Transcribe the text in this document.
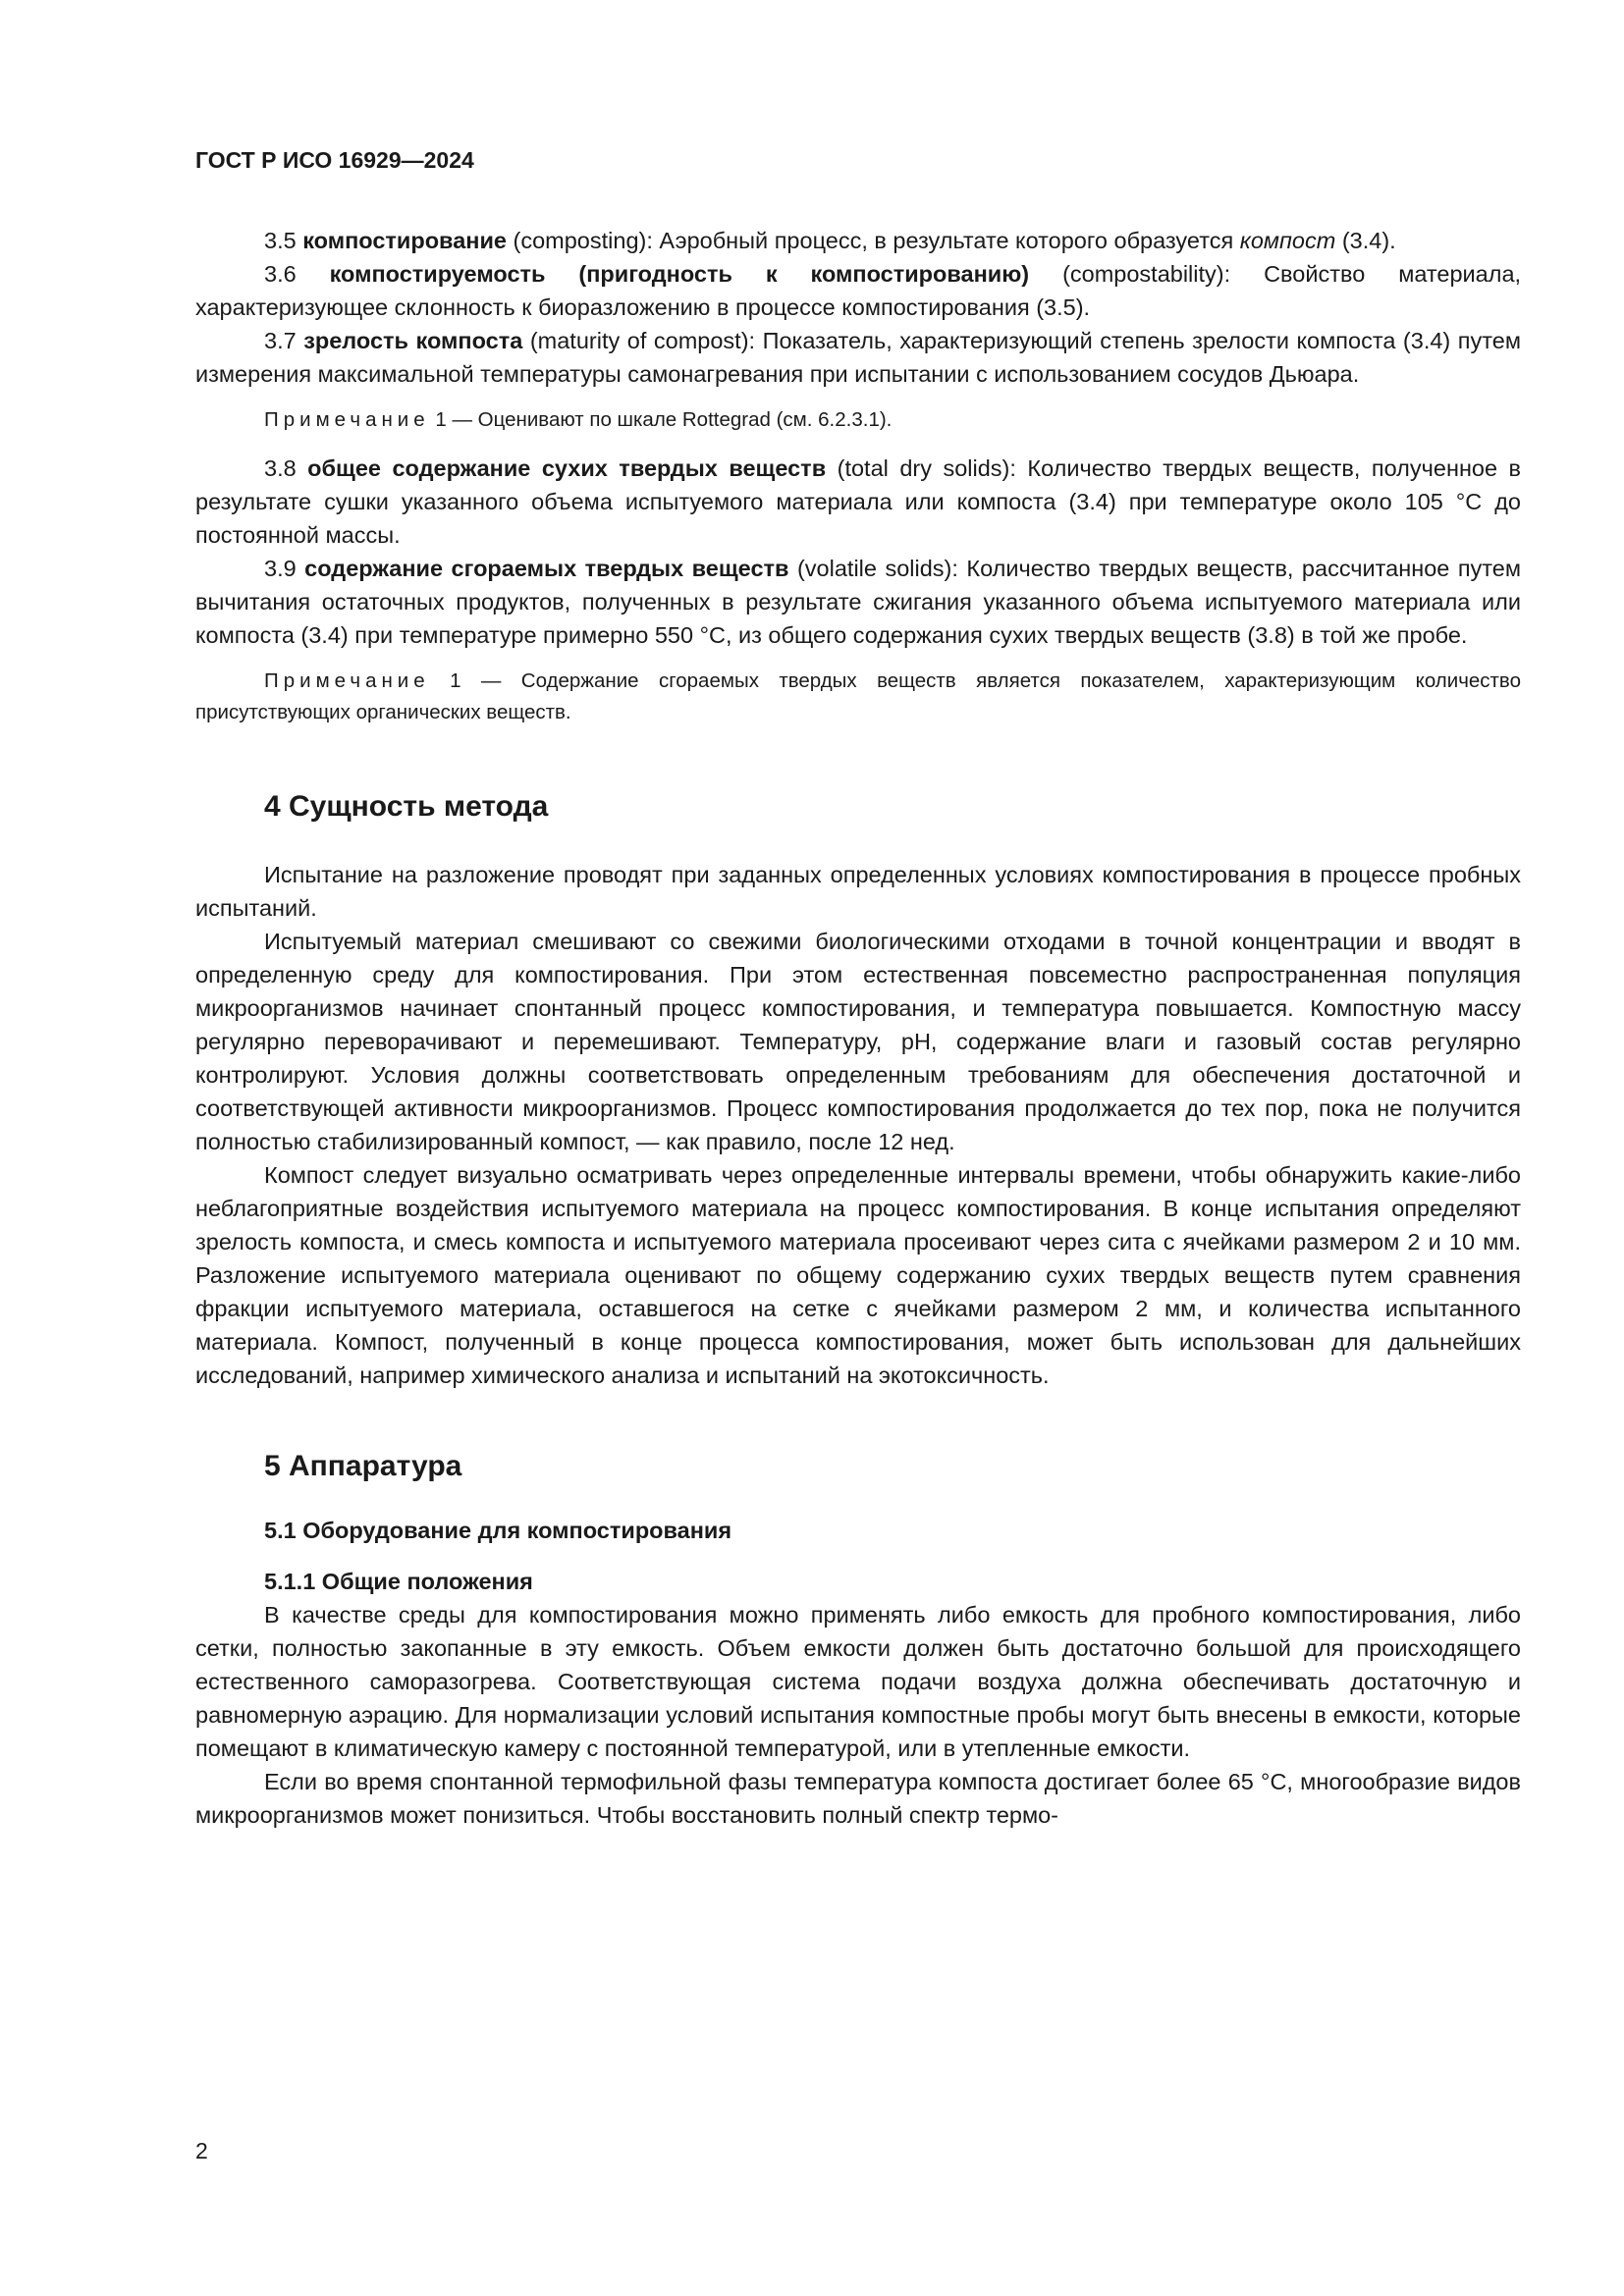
ГОСТ Р ИСО 16929—2024

3.5 компостирование (composting): Аэробный процесс, в результате которого образуется компост (3.4).

3.6 компостируемость (пригодность к компостированию) (compostability): Свойство материала, характеризующее склонность к биоразложению в процессе компостирования (3.5).

3.7 зрелость компоста (maturity of compost): Показатель, характеризующий степень зрелости компоста (3.4) путем измерения максимальной температуры самонагревания при испытании с использованием сосудов Дьюара.

Примечание 1 — Оценивают по шкале Rottegrad (см. 6.2.3.1).

3.8 общее содержание сухих твердых веществ (total dry solids): Количество твердых веществ, полученное в результате сушки указанного объема испытуемого материала или компоста (3.4) при температуре около 105 °С до постоянной массы.

3.9 содержание сгораемых твердых веществ (volatile solids): Количество твердых веществ, рассчитанное путем вычитания остаточных продуктов, полученных в результате сжигания указанного объема испытуемого материала или компоста (3.4) при температуре примерно 550 °С, из общего содержания сухих твердых веществ (3.8) в той же пробе.

Примечание 1 — Содержание сгораемых твердых веществ является показателем, характеризующим количество присутствующих органических веществ.
4 Сущность метода

Испытание на разложение проводят при заданных определенных условиях компостирования в процессе пробных испытаний.

Испытуемый материал смешивают со свежими биологическими отходами в точной концентрации и вводят в определенную среду для компостирования. При этом естественная повсеместно распространенная популяция микроорганизмов начинает спонтанный процесс компостирования, и температура повышается. Компостную массу регулярно переворачивают и перемешивают. Температуру, pH, содержание влаги и газовый состав регулярно контролируют. Условия должны соответствовать определенным требованиям для обеспечения достаточной и соответствующей активности микроорганизмов. Процесс компостирования продолжается до тех пор, пока не получится полностью стабилизированный компост, — как правило, после 12 нед.

Компост следует визуально осматривать через определенные интервалы времени, чтобы обнаружить какие-либо неблагоприятные воздействия испытуемого материала на процесс компостирования. В конце испытания определяют зрелость компоста, и смесь компоста и испытуемого материала просеивают через сита с ячейками размером 2 и 10 мм. Разложение испытуемого материала оценивают по общему содержанию сухих твердых веществ путем сравнения фракции испытуемого материала, оставшегося на сетке с ячейками размером 2 мм, и количества испытанного материала. Компост, полученный в конце процесса компостирования, может быть использован для дальнейших исследований, например химического анализа и испытаний на экотоксичность.

5 Аппаратура
5.1 Оборудование для компостирования
5.1.1 Общие положения

В качестве среды для компостирования можно применять либо емкость для пробного компостирования, либо сетки, полностью закопанные в эту емкость. Объем емкости должен быть достаточно большой для происходящего естественного саморазогрева. Соответствующая система подачи воздуха должна обеспечивать достаточную и равномерную аэрацию. Для нормализации условий испытания компостные пробы могут быть внесены в емкости, которые помещают в климатическую камеру с постоянной температурой, или в утепленные емкости.

Если во время спонтанной термофильной фазы температура компоста достигает более 65 °С, многообразие видов микроорганизмов может понизиться. Чтобы восстановить полный спектр термо-

2
